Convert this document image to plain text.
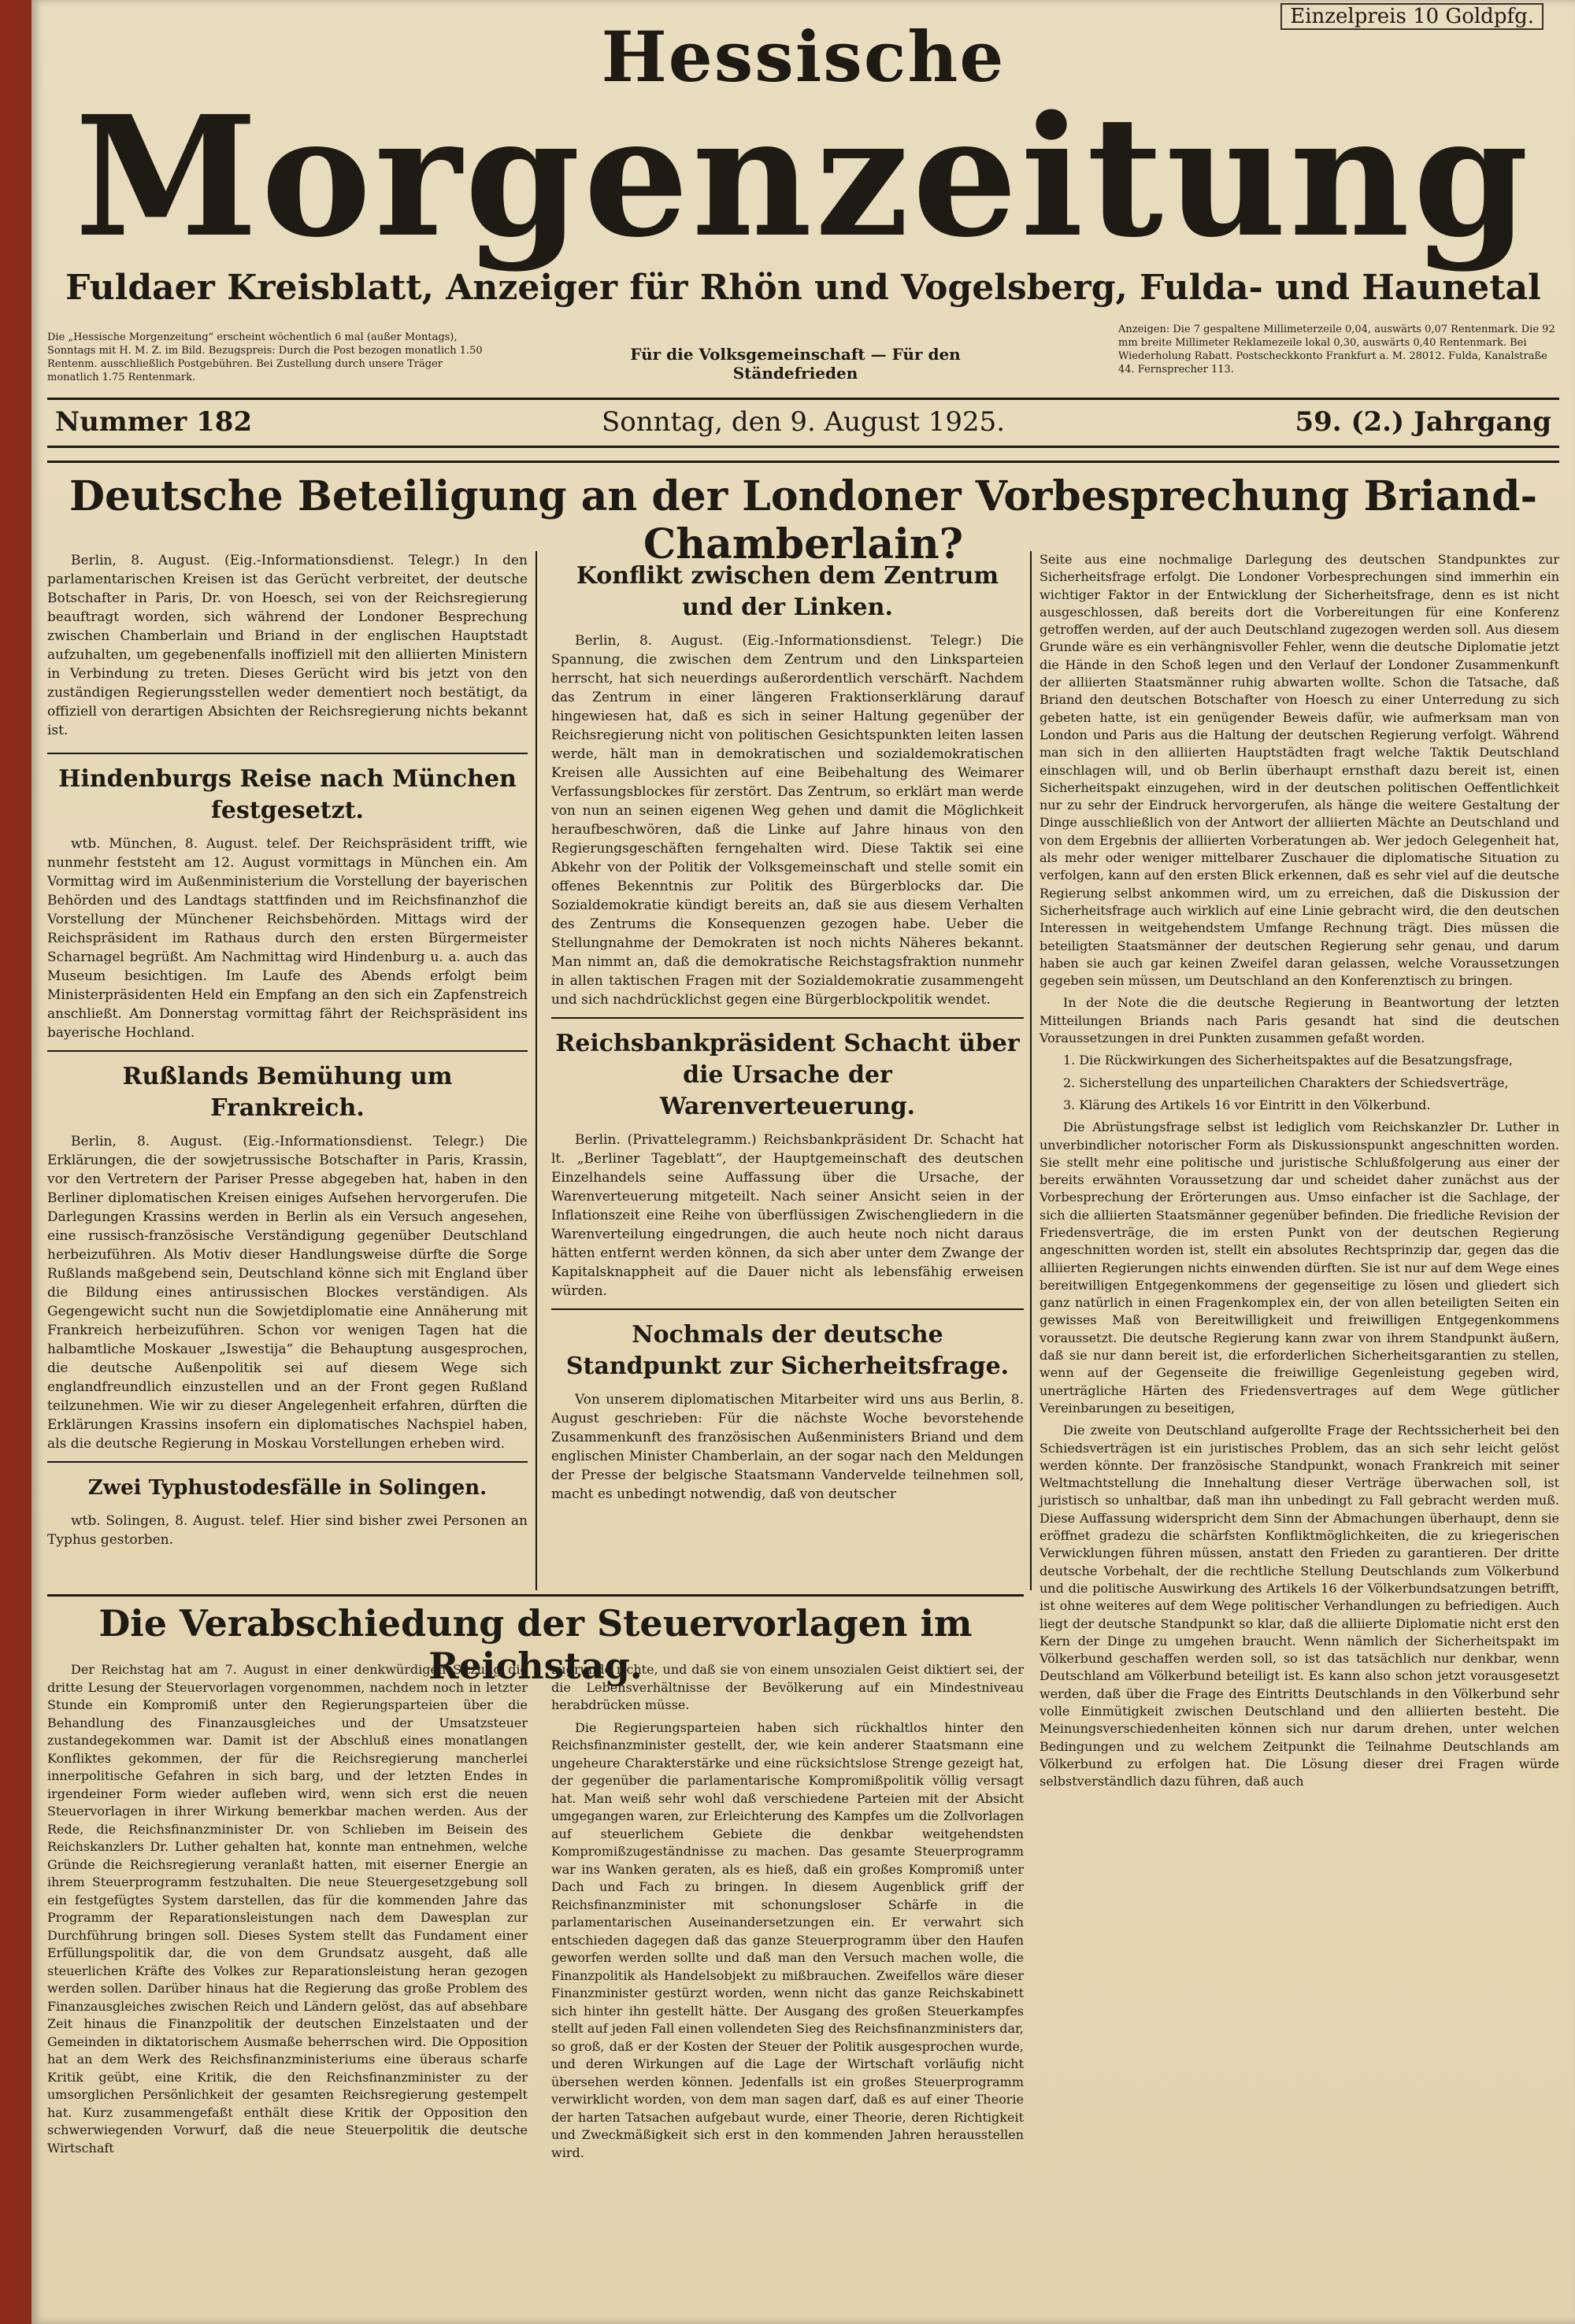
Einzelpreis 10 Goldpfg.
Hessische
Morgenzeitung
Fuldaer Kreisblatt, Anzeiger für Rhön und Vogelsberg, Fulda- und Haunetal
Die „Hessische Morgenzeitung“ erscheint wöchentlich 6 mal (außer Montags), Sonntags mit H. M. Z. im Bild. Bezugspreis: Durch die Post bezogen monatlich 1.50 Rentenm. ausschließlich Postgebühren. Bei Zustellung durch unsere Träger monatlich 1.75 Rentenmark.
Für die Volksgemeinschaft — Für den Ständefrieden
Anzeigen: Die 7 gespaltene Millimeterzeile 0,04, auswärts 0,07 Rentenmark. Die 92 mm breite Millimeter Reklamezeile lokal 0,30, auswärts 0,40 Rentenmark. Bei Wiederholung Rabatt. Postscheckkonto Frankfurt a. M. 28012. Fulda, Kanalstraße 44. Fernsprecher 113.
Nummer 182	Sonntag, den 9. August 1925.	59. (2.) Jahrgang
Deutsche Beteiligung an der Londoner Vorbesprechung Briand-Chamberlain?

Berlin, 8. August. (Eig.-Informationsdienst. Telegr.) In den parlamentarischen Kreisen ist das Gerücht verbreitet, der deutsche Botschafter in Paris, Dr. von Hoesch, sei von der Reichsregierung beauftragt worden, sich während der Londoner Besprechung zwischen Chamberlain und Briand in der englischen Hauptstadt aufzuhalten, um gegebenenfalls inoffiziell mit den alliierten Ministern in Verbindung zu treten. Dieses Gerücht wird bis jetzt von den zuständigen Regierungsstellen weder dementiert noch bestätigt, da offiziell von derartigen Absichten der Reichsregierung nichts bekannt ist.

Hindenburgs Reise nach München festgesetzt.

wtb. München, 8. August. telef. Der Reichspräsident trifft, wie nunmehr feststeht am 12. August vormittags in München ein. Am Vormittag wird im Außenministerium die Vorstellung der bayerischen Behörden und des Landtags stattfinden und im Reichsfinanzhof die Vorstellung der Münchener Reichsbehörden. Mittags wird der Reichspräsident im Rathaus durch den ersten Bürgermeister Scharnagel begrüßt. Am Nachmittag wird Hindenburg u. a. auch das Museum besichtigen. Im Laufe des Abends erfolgt beim Ministerpräsidenten Held ein Empfang an den sich ein Zapfenstreich anschließt. Am Donnerstag vormittag fährt der Reichspräsident ins bayerische Hochland.

Rußlands Bemühung um Frankreich.

Berlin, 8. August. (Eig.-Informationsdienst. Telegr.) Die Erklärungen, die der sowjetrussische Botschafter in Paris, Krassin, vor den Vertretern der Pariser Presse abgegeben hat, haben in den Berliner diplomatischen Kreisen einiges Aufsehen hervorgerufen. Die Darlegungen Krassins werden in Berlin als ein Versuch angesehen, eine russisch-französische Verständigung gegenüber Deutschland herbeizuführen. Als Motiv dieser Handlungsweise dürfte die Sorge Rußlands maßgebend sein, Deutschland könne sich mit England über die Bildung eines antirussischen Blockes verständigen. Als Gegengewicht sucht nun die Sowjetdiplomatie eine Annäherung mit Frankreich herbeizuführen. Schon vor wenigen Tagen hat die halbamtliche Moskauer „Iswestija“ die Behauptung ausgesprochen, die deutsche Außenpolitik sei auf diesem Wege sich englandfreundlich einzustellen und an der Front gegen Rußland teilzunehmen. Wie wir zu dieser Angelegenheit erfahren, dürften die Erklärungen Krassins insofern ein diplomatisches Nachspiel haben, als die deutsche Regierung in Moskau Vorstellungen erheben wird.

Zwei Typhustodesfälle in Solingen.

wtb. Solingen, 8. August. telef. Hier sind bisher zwei Personen an Typhus gestorben.

Konflikt zwischen dem Zentrum und der Linken.

Berlin, 8. August. (Eig.-Informationsdienst. Telegr.) Die Spannung, die zwischen dem Zentrum und den Linksparteien herrscht, hat sich neuerdings außerordentlich verschärft. Nachdem das Zentrum in einer längeren Fraktionserklärung darauf hingewiesen hat, daß es sich in seiner Haltung gegenüber der Reichsregierung nicht von politischen Gesichtspunkten leiten lassen werde, hält man in demokratischen und sozialdemokratischen Kreisen alle Aussichten auf eine Beibehaltung des Weimarer Verfassungsblockes für zerstört. Das Zentrum, so erklärt man werde von nun an seinen eigenen Weg gehen und damit die Möglichkeit heraufbeschwören, daß die Linke auf Jahre hinaus von den Regierungsgeschäften ferngehalten wird. Diese Taktik sei eine Abkehr von der Politik der Volksgemeinschaft und stelle somit ein offenes Bekenntnis zur Politik des Bürgerblocks dar. Die Sozialdemokratie kündigt bereits an, daß sie aus diesem Verhalten des Zentrums die Konsequenzen gezogen habe. Ueber die Stellungnahme der Demokraten ist noch nichts Näheres bekannt. Man nimmt an, daß die demokratische Reichstagsfraktion nunmehr in allen taktischen Fragen mit der Sozialdemokratie zusammengeht und sich nachdrücklichst gegen eine Bürgerblockpolitik wendet.

Reichsbankpräsident Schacht über die Ursache der Warenverteuerung.

Berlin. (Privattelegramm.) Reichsbankpräsident Dr. Schacht hat lt. „Berliner Tageblatt“, der Hauptgemeinschaft des deutschen Einzelhandels seine Auffassung über die Ursache, der Warenverteuerung mitgeteilt. Nach seiner Ansicht seien in der Inflationszeit eine Reihe von überflüssigen Zwischengliedern in die Warenverteilung eingedrungen, die auch heute noch nicht daraus hätten entfernt werden können, da sich aber unter dem Zwange der Kapitalsknappheit auf die Dauer nicht als lebensfähig erweisen würden.

Nochmals der deutsche Standpunkt zur Sicherheitsfrage.

Von unserem diplomatischen Mitarbeiter wird uns aus Berlin, 8. August geschrieben: Für die nächste Woche bevorstehende Zusammenkunft des französischen Außenministers Briand und dem englischen Minister Chamberlain, an der sogar nach den Meldungen der Presse der belgische Staatsmann Vandervelde teilnehmen soll, macht es unbedingt notwendig, daß von deutscher

Seite aus eine nochmalige Darlegung des deutschen Standpunktes zur Sicherheitsfrage erfolgt. Die Londoner Vorbesprechungen sind immerhin ein wichtiger Faktor in der Entwicklung der Sicherheitsfrage, denn es ist nicht ausgeschlossen, daß bereits dort die Vorbereitungen für eine Konferenz getroffen werden, auf der auch Deutschland zugezogen werden soll. Aus diesem Grunde wäre es ein verhängnisvoller Fehler, wenn die deutsche Diplomatie jetzt die Hände in den Schoß legen und den Verlauf der Londoner Zusammenkunft der alliierten Staatsmänner ruhig abwarten wollte. Schon die Tatsache, daß Briand den deutschen Botschafter von Hoesch zu einer Unterredung zu sich gebeten hatte, ist ein genügender Beweis dafür, wie aufmerksam man von London und Paris aus die Haltung der deutschen Regierung verfolgt. Während man sich in den alliierten Hauptstädten fragt welche Taktik Deutschland einschlagen will, und ob Berlin überhaupt ernsthaft dazu bereit ist, einen Sicherheitspakt einzugehen, wird in der deutschen politischen Oeffentlichkeit nur zu sehr der Eindruck hervorgerufen, als hänge die weitere Gestaltung der Dinge ausschließlich von der Antwort der alliierten Mächte an Deutschland und von dem Ergebnis der alliierten Vorberatungen ab. Wer jedoch Gelegenheit hat, als mehr oder weniger mittelbarer Zuschauer die diplomatische Situation zu verfolgen, kann auf den ersten Blick erkennen, daß es sehr viel auf die deutsche Regierung selbst ankommen wird, um zu erreichen, daß die Diskussion der Sicherheitsfrage auch wirklich auf eine Linie gebracht wird, die den deutschen Interessen in weitgehendstem Umfange Rechnung trägt. Dies müssen die beteiligten Staatsmänner der deutschen Regierung sehr genau, und darum haben sie auch gar keinen Zweifel daran gelassen, welche Voraussetzungen gegeben sein müssen, um Deutschland an den Konferenztisch zu bringen.

In der Note die die deutsche Regierung in Beantwortung der letzten Mitteilungen Briands nach Paris gesandt hat sind die deutschen Voraussetzungen in drei Punkten zusammen gefaßt worden.

1. Die Rückwirkungen des Sicherheitspaktes auf die Besatzungsfrage,

2. Sicherstellung des unparteilichen Charakters der Schiedsverträge,

3. Klärung des Artikels 16 vor Eintritt in den Völkerbund.

Die Abrüstungsfrage selbst ist lediglich vom Reichskanzler Dr. Luther in unverbindlicher notorischer Form als Diskussionspunkt angeschnitten worden. Sie stellt mehr eine politische und juristische Schlußfolgerung aus einer der bereits erwähnten Voraussetzung dar und scheidet daher zunächst aus der Vorbesprechung der Erörterungen aus. Umso einfacher ist die Sachlage, der sich die alliierten Staatsmänner gegenüber befinden. Die friedliche Revision der Friedensverträge, die im ersten Punkt von der deutschen Regierung angeschnitten worden ist, stellt ein absolutes Rechtsprinzip dar, gegen das die alliierten Regierungen nichts einwenden dürften. Sie ist nur auf dem Wege eines bereitwilligen Entgegenkommens der gegenseitige zu lösen und gliedert sich ganz natürlich in einen Fragenkomplex ein, der von allen beteiligten Seiten ein gewisses Maß von Bereitwilligkeit und freiwilligen Entgegenkommens voraussetzt. Die deutsche Regierung kann zwar von ihrem Standpunkt äußern, daß sie nur dann bereit ist, die erforderlichen Sicherheitsgarantien zu stellen, wenn auf der Gegenseite die freiwillige Gegenleistung gegeben wird, unerträgliche Härten des Friedensvertrages auf dem Wege gütlicher Vereinbarungen zu beseitigen,

Die zweite von Deutschland aufgerollte Frage der Rechtssicherheit bei den Schiedsverträgen ist ein juristisches Problem, das an sich sehr leicht gelöst werden könnte. Der französische Standpunkt, wonach Frankreich mit seiner Weltmachtstellung die Innehaltung dieser Verträge überwachen soll, ist juristisch so unhaltbar, daß man ihn unbedingt zu Fall gebracht werden muß. Diese Auffassung widerspricht dem Sinn der Abmachungen überhaupt, denn sie eröffnet gradezu die schärfsten Konfliktmöglichkeiten, die zu kriegerischen Verwicklungen führen müssen, anstatt den Frieden zu garantieren. Der dritte deutsche Vorbehalt, der die rechtliche Stellung Deutschlands zum Völkerbund und die politische Auswirkung des Artikels 16 der Völkerbundsatzungen betrifft, ist ohne weiteres auf dem Wege politischer Verhandlungen zu befriedigen. Auch liegt der deutsche Standpunkt so klar, daß die alliierte Diplomatie nicht erst den Kern der Dinge zu umgehen braucht. Wenn nämlich der Sicherheitspakt im Völkerbund geschaffen werden soll, so ist das tatsächlich nur denkbar, wenn Deutschland am Völkerbund beteiligt ist. Es kann also schon jetzt vorausgesetzt werden, daß über die Frage des Eintritts Deutschlands in den Völkerbund sehr volle Einmütigkeit zwischen Deutschland und den alliierten besteht. Die Meinungsverschiedenheiten können sich nur darum drehen, unter welchen Bedingungen und zu welchem Zeitpunkt die Teilnahme Deutschlands am Völkerbund zu erfolgen hat. Die Lösung dieser drei Fragen würde selbstverständlich dazu führen, daß auch

Die Verabschiedung der Steuervorlagen im Reichstag.

Der Reichstag hat am 7. August in einer denkwürdigen Sitzung die dritte Lesung der Steuervorlagen vorgenommen, nachdem noch in letzter Stunde ein Kompromiß unter den Regierungsparteien über die Behandlung des Finanzausgleiches und der Umsatzsteuer zustandegekommen war. Damit ist der Abschluß eines monatlangen Konfliktes gekommen, der für die Reichsregierung mancherlei innerpolitische Gefahren in sich barg, und der letzten Endes in irgendeiner Form wieder aufleben wird, wenn sich erst die neuen Steuervorlagen in ihrer Wirkung bemerkbar machen werden. Aus der Rede, die Reichsfinanzminister Dr. von Schlieben im Beisein des Reichskanzlers Dr. Luther gehalten hat, konnte man entnehmen, welche Gründe die Reichsregierung veranlaßt hatten, mit eiserner Energie an ihrem Steuerprogramm festzuhalten. Die neue Steuergesetzgebung soll ein festgefügtes System darstellen, das für die kommenden Jahre das Programm der Reparationsleistungen nach dem Dawesplan zur Durchführung bringen soll. Dieses System stellt das Fundament einer Erfüllungspolitik dar, die von dem Grundsatz ausgeht, daß alle steuerlichen Kräfte des Volkes zur Reparationsleistung heran gezogen werden sollen. Darüber hinaus hat die Regierung das große Problem des Finanzausgleiches zwischen Reich und Ländern gelöst, das auf absehbare Zeit hinaus die Finanzpolitik der deutschen Einzelstaaten und der Gemeinden in diktatorischem Ausmaße beherrschen wird. Die Opposition hat an dem Werk des Reichsfinanzministeriums eine überaus scharfe Kritik geübt, eine Kritik, die den Reichsfinanzminister zu der umsorglichen Persönlichkeit der gesamten Reichsregierung gestempelt hat. Kurz zusammengefaßt enthält diese Kritik der Opposition den schwerwiegenden Vorwurf, daß die neue Steuerpolitik die deutsche Wirtschaft

zugrunde richte, und daß sie von einem unsozialen Geist diktiert sei, der die Lebensverhältnisse der Bevölkerung auf ein Mindestniveau herabdrücken müsse.

Die Regierungsparteien haben sich rückhaltlos hinter den Reichsfinanzminister gestellt, der, wie kein anderer Staatsmann eine ungeheure Charakterstärke und eine rücksichtslose Strenge gezeigt hat, der gegenüber die parlamentarische Kompromißpolitik völlig versagt hat. Man weiß sehr wohl daß verschiedene Parteien mit der Absicht umgegangen waren, zur Erleichterung des Kampfes um die Zollvorlagen auf steuerlichem Gebiete die denkbar weitgehendsten Kompromißzugeständnisse zu machen. Das gesamte Steuerprogramm war ins Wanken geraten, als es hieß, daß ein großes Kompromiß unter Dach und Fach zu bringen. In diesem Augenblick griff der Reichsfinanzminister mit schonungsloser Schärfe in die parlamentarischen Auseinandersetzungen ein. Er verwahrt sich entschieden dagegen daß das ganze Steuerprogramm über den Haufen geworfen werden sollte und daß man den Versuch machen wolle, die Finanzpolitik als Handelsobjekt zu mißbrauchen. Zweifellos wäre dieser Finanzminister gestürzt worden, wenn nicht das ganze Reichskabinett sich hinter ihn gestellt hätte. Der Ausgang des großen Steuerkampfes stellt auf jeden Fall einen vollendeten Sieg des Reichsfinanzministers dar, so groß, daß er der Kosten der Steuer der Politik ausgesprochen wurde, und deren Wirkungen auf die Lage der Wirtschaft vorläufig nicht übersehen werden können. Jedenfalls ist ein großes Steuerprogramm verwirklicht worden, von dem man sagen darf, daß es auf einer Theorie der harten Tatsachen aufgebaut wurde, einer Theorie, deren Richtigkeit und Zweckmäßigkeit sich erst in den kommenden Jahren herausstellen wird.
